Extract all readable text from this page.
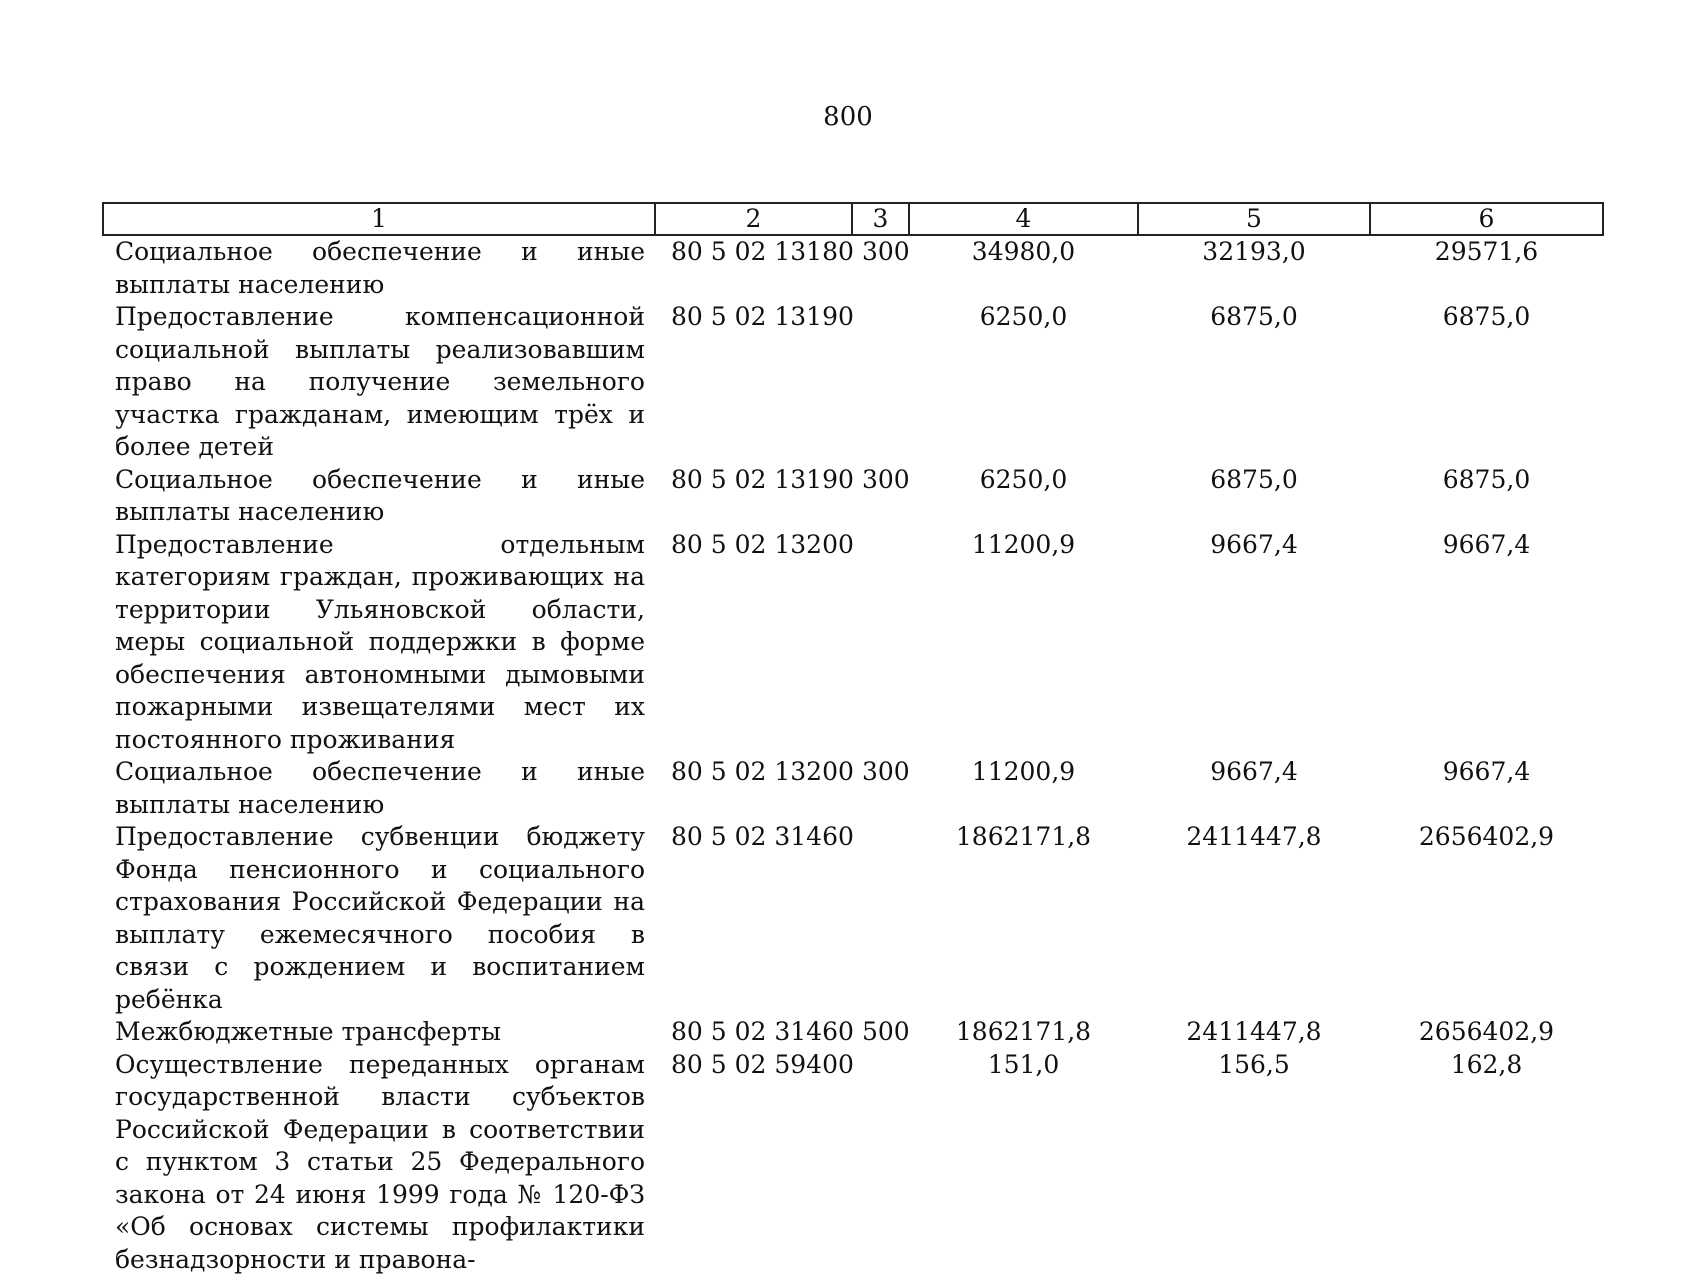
800
1	2	3	4	5	6
Социальное обеспечение и иные выплаты населению	80 5 02 13180	300	34980,0	32193,0	29571,6
Предоставление компенсационной социальной выплаты реализовавшим право на получение земельного участка гражданам, имеющим трёх и более детей	80 5 02 13190		6250,0	6875,0	6875,0
Социальное обеспечение и иные выплаты населению	80 5 02 13190	300	6250,0	6875,0	6875,0
Предоставление отдельным категориям граждан, проживающих на территории Ульяновской области, меры социальной поддержки в форме обеспечения автономными дымовыми пожарными извещателями мест их постоянного проживания	80 5 02 13200		11200,9	9667,4	9667,4
Социальное обеспечение и иные выплаты населению	80 5 02 13200	300	11200,9	9667,4	9667,4
Предоставление субвенции бюджету Фонда пенсионного и социального страхования Российской Федерации на выплату ежемесячного пособия в связи с рождением и воспитанием ребёнка	80 5 02 31460		1862171,8	2411447,8	2656402,9
Межбюджетные трансферты	80 5 02 31460	500	1862171,8	2411447,8	2656402,9
Осуществление переданных органам государственной власти субъектов Российской Федерации в соответствии с пунктом 3 статьи 25 Федерального закона от 24 июня 1999 года № 120-ФЗ «Об основах системы профилактики безнадзорности и правона-	80 5 02 59400		151,0	156,5	162,8
